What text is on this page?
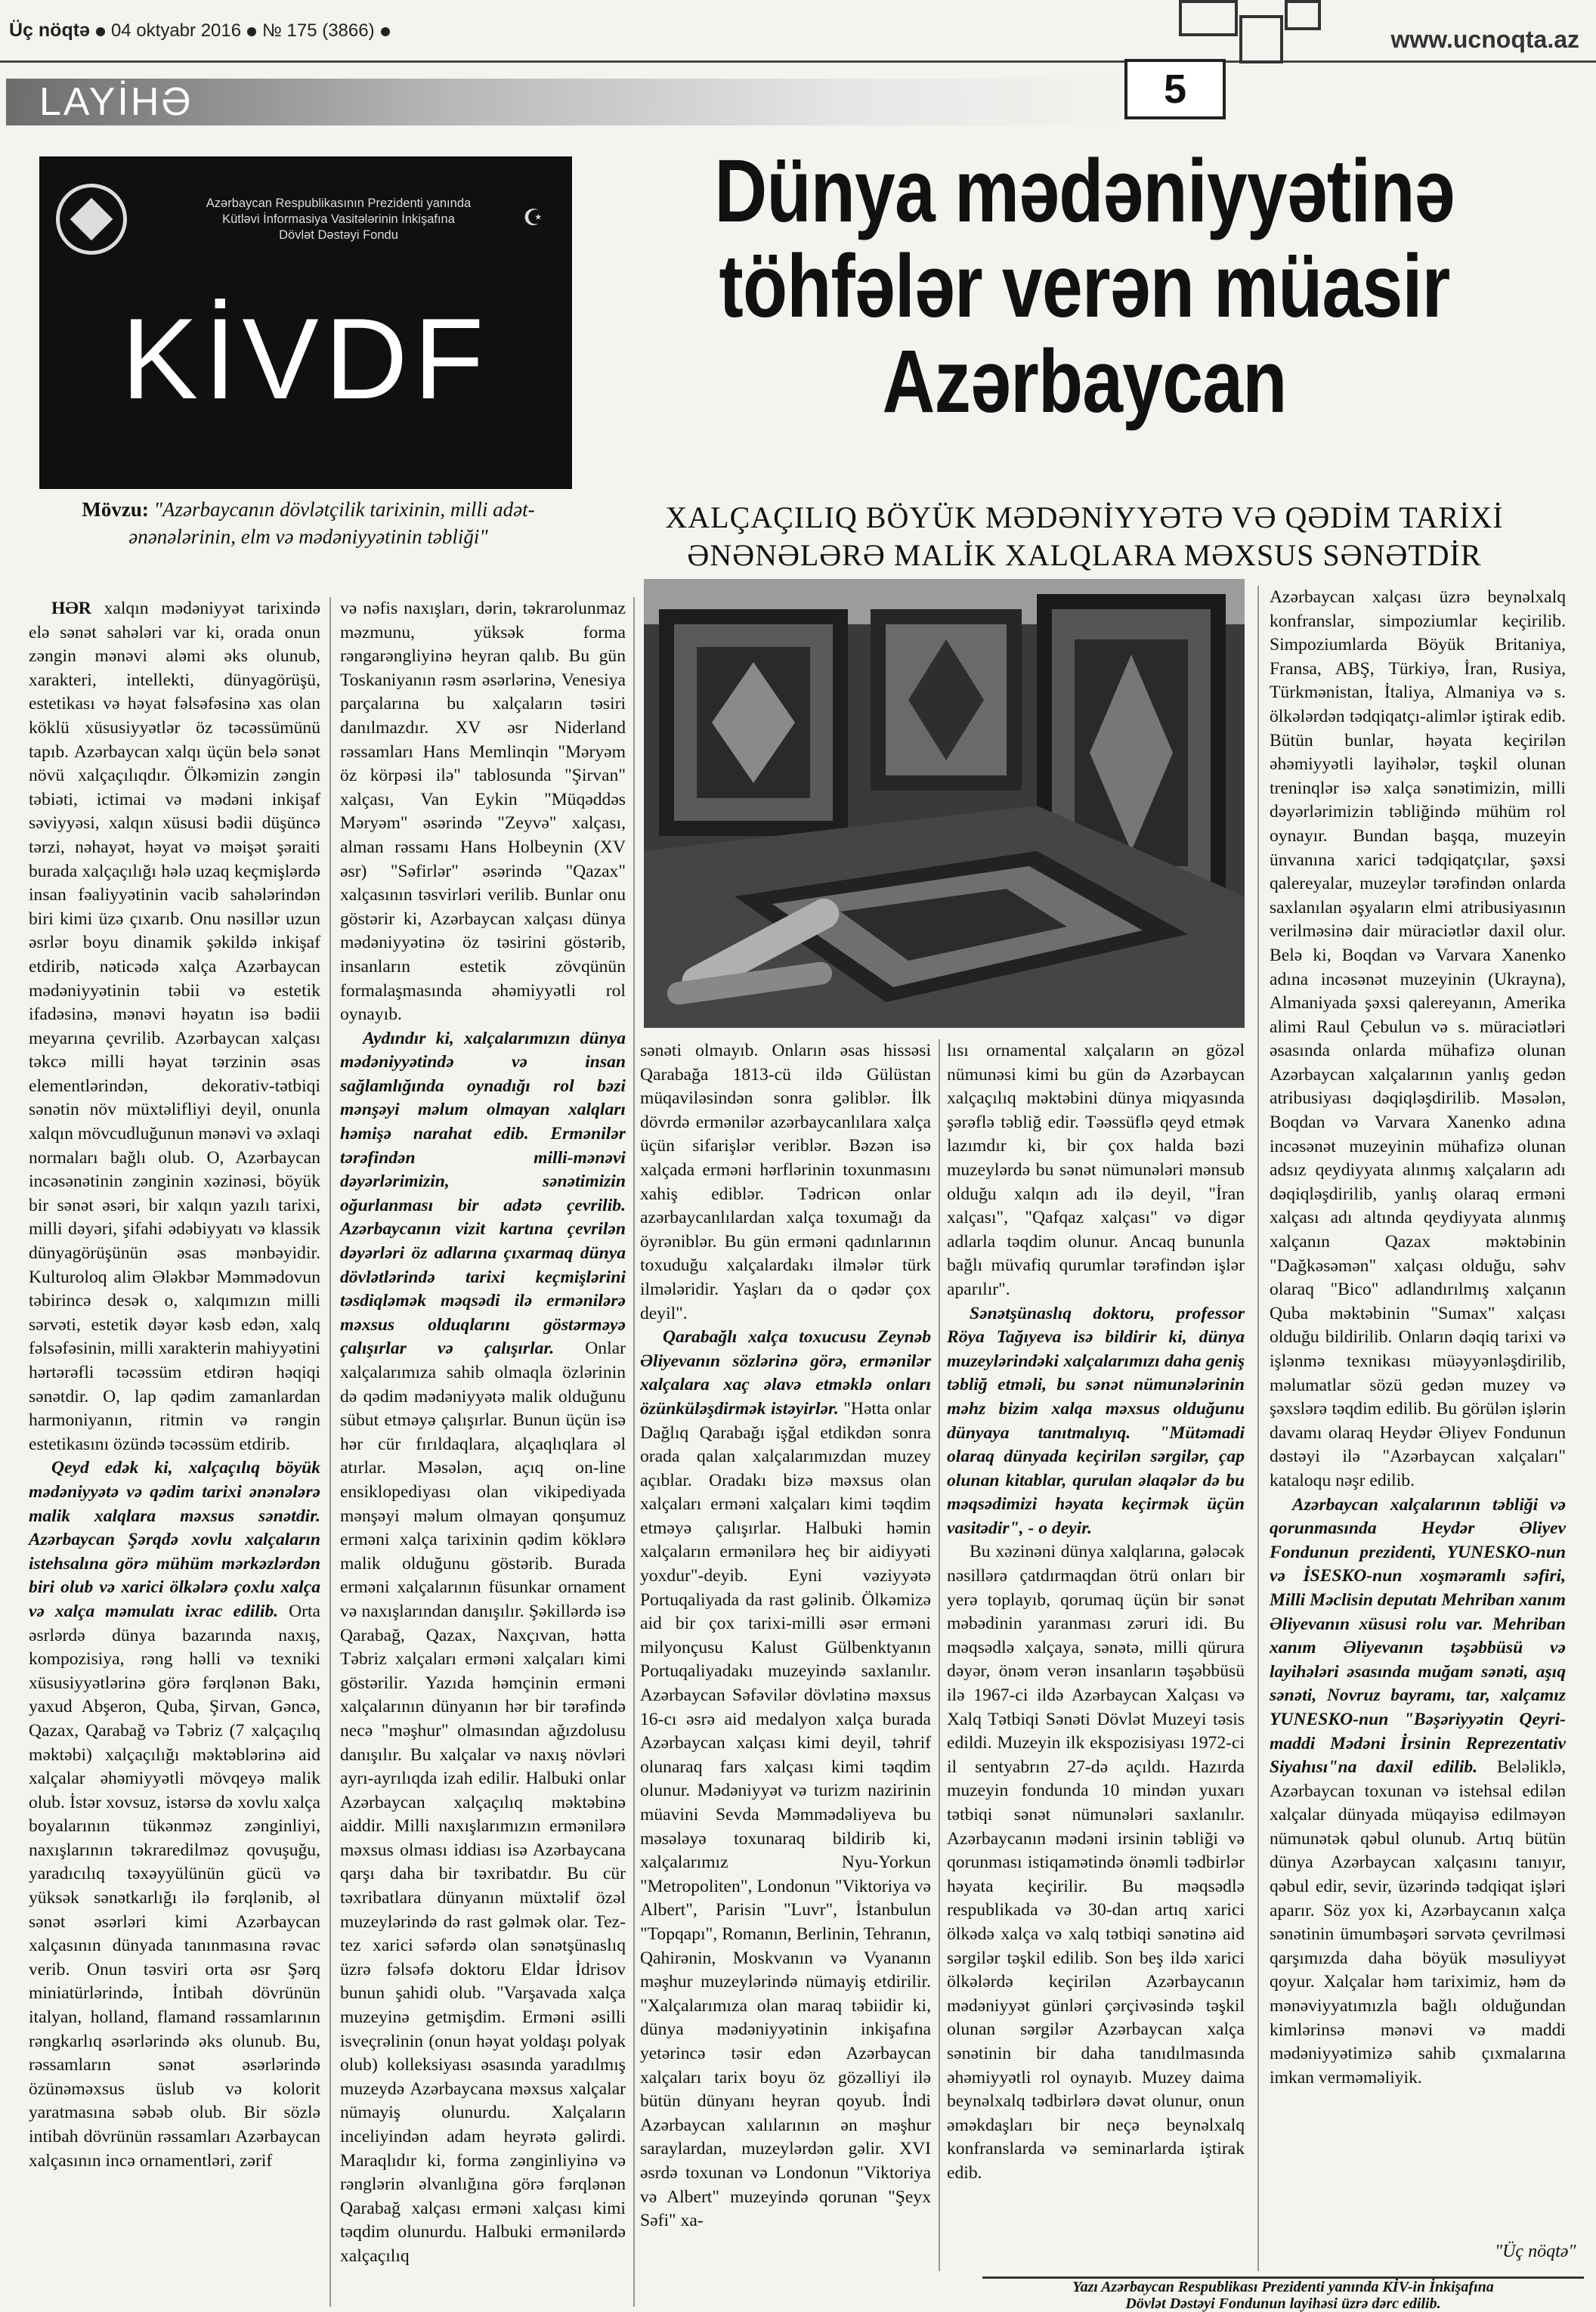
Üç nöqtə 04 oktyabr 2016 № 175 (3866)	www.ucnoqta.az
5
LAYİHƏ
Azərbaycan Respublikasının Prezidenti yanında
Kütləvi İnformasiya Vasitələrinin İnkişafına
Dövlət Dəstəyi Fondu
☪
KİVDF
Mövzu: "Azərbaycanın dövlətçilik tarixinin, milli adət-ənənələrinin, elm və mədəniyyətinin təbliği"
Dünya mədəniyyətinə
töhfələr verən müasir
Azərbaycan
XALÇAÇILIQ BÖYÜK MƏDƏNİYYƏTƏ VƏ QƏDİM TARİXİ
ƏNƏNƏLƏRƏ MALİK XALQLARA MƏXSUS SƏNƏTDİR

HƏR xalqın mədəniyyət tarixində elə sənət sahələri var ki, orada onun zəngin mənəvi aləmi əks olunub, xarakteri, intellekti, dünyagörüşü, estetikası və həyat fəlsəfəsinə xas olan köklü xüsusiyyətlər öz təcəssümünü tapıb. Azərbaycan xalqı üçün belə sənət növü xalçaçılıqdır. Ölkəmizin zəngin təbiəti, ictimai və mədəni inkişaf səviyyəsi, xalqın xüsusi bədii düşüncə tərzi, nəhayət, həyat və məişət şəraiti burada xalçaçılığı hələ uzaq keçmişlərdə insan fəaliyyətinin vacib sahələrindən biri kimi üzə çıxarıb. Onu nəsillər uzun əsrlər boyu dinamik şəkildə inkişaf etdirib, nəticədə xalça Azərbaycan mədəniyyətinin təbii və estetik ifadəsinə, mənəvi həyatın isə bədii meyarına çevrilib. Azərbaycan xalçası təkcə milli həyat tərzinin əsas elementlərindən, dekorativ-tətbiqi sənətin növ müxtəlifliyi deyil, onunla xalqın mövcudluğunun mənəvi və əxlaqi normaları bağlı olub. O, Azərbaycan incəsənətinin zənginin xəzinəsi, böyük bir sənət əsəri, bir xalqın yazılı tarixi, milli dəyəri, şifahi ədəbiyyatı və klassik dünyagörüşünün əsas mənbəyidir. Kulturoloq alim Ələkbər Məmmədovun təbirincə desək o, xalqımızın milli sərvəti, estetik dəyər kəsb edən, xalq fəlsəfəsinin, milli xarakterin mahiyyətini hərtərəfli təcəssüm etdirən həqiqi sənətdir. O, lap qədim zamanlardan harmoniyanın, ritmin və rəngin estetikasını özündə təcəssüm etdirib.

Qeyd edək ki, xalçaçılıq böyük mədəniyyətə və qədim tarixi ənənələrə malik xalqlara məxsus sənətdir. Azərbaycan Şərqdə xovlu xalçaların istehsalına görə mühüm mərkəzlərdən biri olub və xarici ölkələrə çoxlu xalça və xalça məmulatı ixrac edilib. Orta əsrlərdə dünya bazarında naxış, kompozisiya, rəng həlli və texniki xüsusiyyətlərinə görə fərqlənən Bakı, yaxud Abşeron, Quba, Şirvan, Gəncə, Qazax, Qarabağ və Təbriz (7 xalçaçılıq məktəbi) xalçaçılığı məktəblərinə aid xalçalar əhəmiyyətli mövqeyə malik olub. İstər xovsuz, istərsə də xovlu xalça boyalarının tükənməz zənginliyi, naxışlarının təkraredilməz qovuşuğu, yaradıcılıq təxəyyülünün gücü və yüksək sənətkarlığı ilə fərqlənib, əl sənət əsərləri kimi Azərbaycan xalçasının dünyada tanınmasına rəvac verib. Onun təsviri orta əsr Şərq miniatürlərində, İntibah dövrünün italyan, holland, flamand rəssamlarının rəngkarlıq əsərlərində əks olunub. Bu, rəssamların sənət əsərlərində özünəməxsus üslub və kolorit yaratmasına səbəb olub. Bir sözlə intibah dövrünün rəssamları Azərbaycan xalçasının incə ornamentləri, zərif

və nəfis naxışları, dərin, təkrarolunmaz məzmunu, yüksək forma rəngarəngliyinə heyran qalıb. Bu gün Toskaniyanın rəsm əsərlərinə, Venesiya parçalarına bu xalçaların təsiri danılmazdır. XV əsr Niderland rəssamları Hans Memlinqin "Məryəm öz körpəsi ilə" tablosunda "Şirvan" xalçası, Van Eykin "Müqəddəs Məryəm" əsərində "Zeyvə" xalçası, alman rəssamı Hans Holbeynin (XV əsr) "Səfirlər" əsərində "Qazax" xalçasının təsvirləri verilib. Bunlar onu göstərir ki, Azərbaycan xalçası dünya mədəniyyətinə öz təsirini göstərib, insanların estetik zövqünün formalaşmasında əhəmiyyətli rol oynayıb.

Aydındır ki, xalçalarımızın dünya mədəniyyətində və insan sağlamlığında oynadığı rol bəzi mənşəyi məlum olmayan xalqları həmişə narahat edib. Ermənilər tərəfindən milli-mənəvi dəyərlərimizin, sənətimizin oğurlanması bir adətə çevrilib. Azərbaycanın vizit kartına çevrilən dəyərləri öz adlarına çıxarmaq dünya dövlətlərində tarixi keçmişlərini təsdiqləmək məqsədi ilə ermənilərə məxsus olduqlarını göstərməyə çalışırlar və çalışırlar. Onlar xalçalarımıza sahib olmaqla özlərinin də qədim mədəniyyətə malik olduğunu sübut etməyə çalışırlar. Bunun üçün isə hər cür fırıldaqlara, alçaqlıqlara əl atırlar. Məsələn, açıq on-line ensiklopediyası olan vikipediyada mənşəyi məlum olmayan qonşumuz erməni xalça tarixinin qədim köklərə malik olduğunu göstərib. Burada erməni xalçalarının füsunkar ornament və naxışlarından danışılır. Şəkillərdə isə Qarabağ, Qazax, Naxçıvan, hətta Təbriz xalçaları erməni xalçaları kimi göstərilir. Yazıda həmçinin erməni xalçalarının dünyanın hər bir tərəfində necə "məşhur" olmasından ağızdolusu danışılır. Bu xalçalar və naxış növləri ayrı-ayrılıqda izah edilir. Halbuki onlar Azərbaycan xalçaçılıq məktəbinə aiddir. Milli naxışlarımızın ermənilərə məxsus olması iddiası isə Azərbaycana qarşı daha bir təxribatdır. Bu cür təxribatlara dünyanın müxtəlif özəl muzeylərində də rast gəlmək olar. Tez-tez xarici səfərdə olan sənətşünaslıq üzrə fəlsəfə doktoru Eldar İdrisov bunun şahidi olub. "Varşavada xalça muzeyinə getmişdim. Erməni əsilli isveçrəlinin (onun həyat yoldaşı polyak olub) kolleksiyası əsasında yaradılmış muzeydə Azərbaycana məxsus xalçalar nümayiş olunurdu. Xalçaların inceliyindən adam heyrətə gəlirdi. Maraqlıdır ki, forma zənginliyinə və rənglərin əlvanlığına görə fərqlənən Qarabağ xalçası erməni xalçası kimi təqdim olunurdu. Halbuki ermənilərdə xalçaçılıq

sənəti olmayıb. Onların əsas hissəsi Qarabağa 1813-cü ildə Gülüstan müqaviləsindən sonra gəliblər. İlk dövrdə ermənilər azərbaycanlılara xalça üçün sifarişlər veriblər. Bəzən isə xalçada erməni hərflərinin toxunmasını xahiş ediblər. Tədricən onlar azərbaycanlılardan xalça toxumağı da öyrəniblər. Bu gün erməni qadınlarının toxuduğu xalçalardakı ilmələr türk ilmələridir. Yaşları da o qədər çox deyil".

Qarabağlı xalça toxucusu Zeynəb Əliyevanın sözlərinə görə, ermənilər xalçalara xaç əlavə etməklə onları özünküləşdirmək istəyirlər. "Hətta onlar Dağlıq Qarabağı işğal etdikdən sonra orada qalan xalçalarımızdan muzey açıblar. Oradakı bizə məxsus olan xalçaları erməni xalçaları kimi təqdim etməyə çalışırlar. Halbuki həmin xalçaların ermənilərə heç bir aidiyyəti yoxdur"-deyib. Eyni vəziyyətə Portuqaliyada da rast gəlinib. Ölkəmizə aid bir çox tarixi-milli əsər erməni milyonçusu Kalust Gülbenktyanın Portuqaliyadakı muzeyində saxlanılır. Azərbaycan Səfəvilər dövlətinə məxsus 16-cı əsrə aid medalyon xalça burada Azərbaycan xalçası kimi deyil, təhrif olunaraq fars xalçası kimi təqdim olunur. Mədəniyyət və turizm nazirinin müavini Sevda Məmmədəliyeva bu məsələyə toxunaraq bildirib ki, xalçalarımız Nyu-Yorkun "Metropoliten", Londonun "Viktoriya və Albert", Parisin "Luvr", İstanbulun "Topqapı", Romanın, Berlinin, Tehranın, Qahirənin, Moskvanın və Vyananın məşhur muzeylərində nümayiş etdirilir. "Xalçalarımıza olan maraq təbiidir ki, dünya mədəniyyətinin inkişafına yetərincə təsir edən Azərbaycan xalçaları tarix boyu öz gözəlliyi ilə bütün dünyanı heyran qoyub. İndi Azərbaycan xalılarının ən məşhur saraylardan, muzeylərdən gəlir. XVI əsrdə toxunan və Londonun "Viktoriya və Albert" muzeyində qorunan "Şeyx Səfi" xa-

lısı ornamental xalçaların ən gözəl nümunəsi kimi bu gün də Azərbaycan xalçaçılıq məktəbini dünya miqyasında şərəflə təbliğ edir. Təəssüflə qeyd etmək lazımdır ki, bir çox halda bəzi muzeylərdə bu sənət nümunələri mənsub olduğu xalqın adı ilə deyil, "İran xalçası", "Qafqaz xalçası" və digər adlarla təqdim olunur. Ancaq bununla bağlı müvafiq qurumlar tərəfindən işlər aparılır".

Sənətşünaslıq doktoru, professor Röya Tağıyeva isə bildirir ki, dünya muzeylərindəki xalçalarımızı daha geniş təbliğ etməli, bu sənət nümunələrinin məhz bizim xalqa məxsus olduğunu dünyaya tanıtmalıyıq. "Mütəmadi olaraq dünyada keçirilən sərgilər, çap olunan kitablar, qurulan əlaqələr də bu məqsədimizi həyata keçirmək üçün vasitədir", - o deyir.

Bu xəzinəni dünya xalqlarına, gələcək nəsillərə çatdırmaqdan ötrü onları bir yerə toplayıb, qorumaq üçün bir sənət məbədinin yaranması zəruri idi. Bu məqsədlə xalçaya, sənətə, milli qürura dəyər, önəm verən insanların təşəbbüsü ilə 1967-ci ildə Azərbaycan Xalçası və Xalq Tətbiqi Sənəti Dövlət Muzeyi təsis edildi. Muzeyin ilk ekspozisiyası 1972-ci il sentyabrın 27-də açıldı. Hazırda muzeyin fondunda 10 mindən yuxarı tətbiqi sənət nümunələri saxlanılır. Azərbaycanın mədəni irsinin təbliği və qorunması istiqamətində önəmli tədbirlər həyata keçirilir. Bu məqsədlə respublikada və 30-dan artıq xarici ölkədə xalça və xalq tətbiqi sənətinə aid sərgilər təşkil edilib. Son beş ildə xarici ölkələrdə keçirilən Azərbaycanın mədəniyyət günləri çərçivəsində təşkil olunan sərgilər Azərbaycan xalça sənətinin bir daha tanıdılmasında əhəmiyyətli rol oynayıb. Muzey daima beynəlxalq tədbirlərə dəvət olunur, onun əməkdaşları bir neçə beynəlxalq konfranslarda və seminarlarda iştirak edib.

Azərbaycan xalçası üzrə beynəlxalq konfranslar, simpoziumlar keçirilib. Simpoziumlarda Böyük Britaniya, Fransa, ABŞ, Türkiyə, İran, Rusiya, Türkmənistan, İtaliya, Almaniya və s. ölkələrdən tədqiqatçı-alimlər iştirak edib. Bütün bunlar, həyata keçirilən əhəmiyyətli layihələr, təşkil olunan treninqlər isə xalça sənətimizin, milli dəyərlərimizin təbliğində mühüm rol oynayır. Bundan başqa, muzeyin ünvanına xarici tədqiqatçılar, şəxsi qalereyalar, muzeylər tərəfindən onlarda saxlanılan əşyaların elmi atribusiyasının verilməsinə dair müraciətlər daxil olur. Belə ki, Boqdan və Varvara Xanenko adına incəsənət muzeyinin (Ukrayna), Almaniyada şəxsi qalereyanın, Amerika alimi Raul Çebulun və s. müraciətləri əsasında onlarda mühafizə olunan Azərbaycan xalçalarının yanlış gedən atribusiyası dəqiqləşdirilib. Məsələn, Boqdan və Varvara Xanenko adına incəsənət muzeyinin mühafizə olunan adsız qeydiyyata alınmış xalçaların adı dəqiqləşdirilib, yanlış olaraq erməni xalçası adı altında qeydiyyata alınmış xalçanın Qazax məktəbinin "Dağkəsəmən" xalçası olduğu, səhv olaraq "Bico" adlandırılmış xalçanın Quba məktəbinin "Sumax" xalçası olduğu bildirilib. Onların dəqiq tarixi və işlənmə texnikası müəyyənləşdirilib, məlumatlar sözü gedən muzey və şəxslərə təqdim edilib. Bu görülən işlərin davamı olaraq Heydər Əliyev Fondunun dəstəyi ilə "Azərbaycan xalçaları" kataloqu nəşr edilib.

Azərbaycan xalçalarının təbliği və qorunmasında Heydər Əliyev Fondunun prezidenti, YUNESKO-nun və İSESKO-nun xoşməramlı səfiri, Milli Məclisin deputatı Mehriban xanım Əliyevanın xüsusi rolu var. Mehriban xanım Əliyevanın təşəbbüsü və layihələri əsasında muğam sənəti, aşıq sənəti, Novruz bayramı, tar, xalçamız YUNESKO-nun "Bəşəriyyətin Qeyri-maddi Mədəni İrsinin Reprezentativ Siyahısı"na daxil edilib. Beləliklə, Azərbaycan toxunan və istehsal edilən xalçalar dünyada müqayisə edilməyən nümunətək qəbul olunub. Artıq bütün dünya Azərbaycan xalçasını tanıyır, qəbul edir, sevir, üzərində tədqiqat işləri aparır. Söz yox ki, Azərbaycanın xalça sənətinin ümumbəşəri sərvətə çevrilməsi qarşımızda daha böyük məsuliyyət qoyur. Xalçalar həm tariximiz, həm də mənəviyyatımızla bağlı olduğundan kimlərinsə mənəvi və maddi mədəniyyətimizə sahib çıxmalarına imkan verməməliyik.

"Üç nöqtə"
Yazı Azərbaycan Respublikası Prezidenti yanında KİV-in İnkişafına
Dövlət Dəstəyi Fondunun layihəsi üzrə dərc edilib.
